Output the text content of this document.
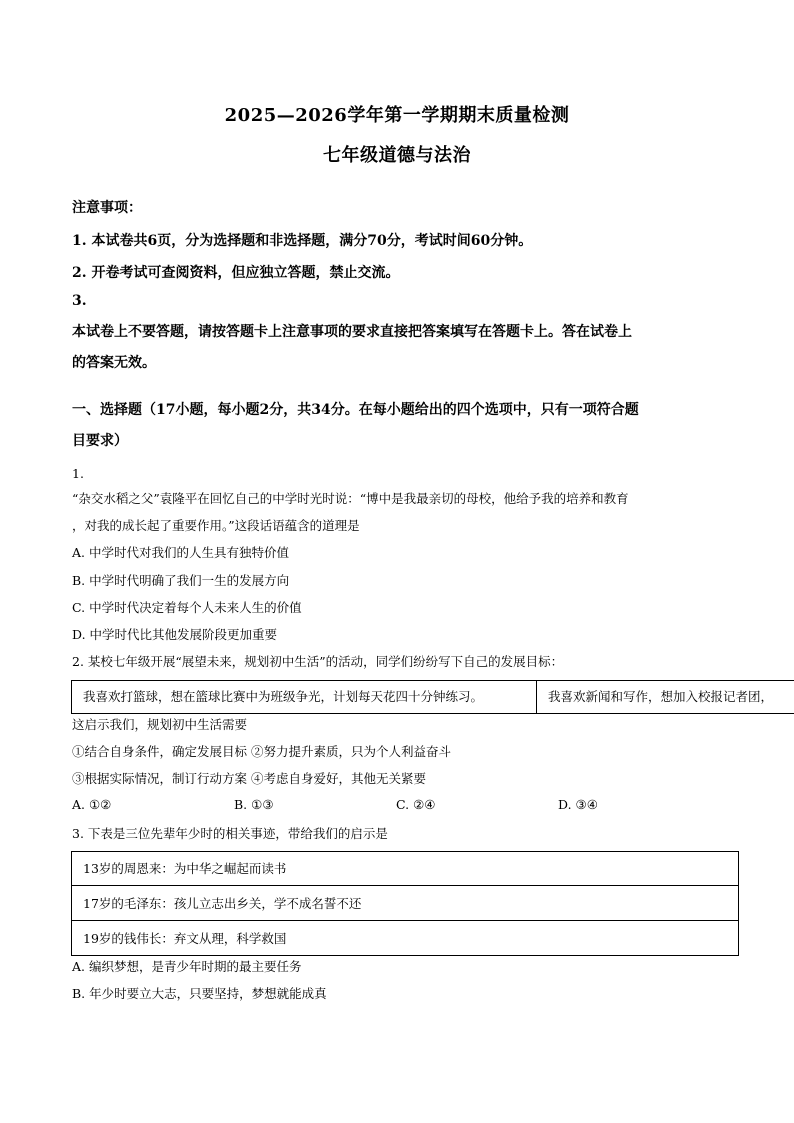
2025—2026学年第一学期期末质量检测
七年级道德与法治
注意事项：
1. 本试卷共6页，分为选择题和非选择题，满分70分，考试时间60分钟。
2. 开卷考试可查阅资料，但应独立答题，禁止交流。
3.
本试卷上不要答题，请按答题卡上注意事项的要求直接把答案填写在答题卡上。答在试卷上
的答案无效。
一、选择题（17小题，每小题2分，共34分。在每小题给出的四个选项中，只有一项符合题
目要求）
1.
“杂交水稻之父”袁隆平在回忆自己的中学时光时说：“博中是我最亲切的母校，他给予我的培养和教育
，对我的成长起了重要作用。”这段话语蕴含的道理是
A. 中学时代对我们的人生具有独特价值
B. 中学时代明确了我们一生的发展方向
C. 中学时代决定着每个人未来人生的价值
D. 中学时代比其他发展阶段更加重要
2. 某校七年级开展“展望未来，规划初中生活”的活动，同学们纷纷写下自己的发展目标：
我喜欢打篮球，想在篮球比赛中为班级争光，计划每天花四十分钟练习。	我喜欢新闻和写作，想加入校报记者团，
这启示我们，规划初中生活需要
①结合自身条件，确定发展目标 ②努力提升素质，只为个人利益奋斗
③根据实际情况，制订行动方案 ④考虑自身爱好，其他无关紧要
A. ①②	B. ①③	C. ②④	D. ③④
3. 下表是三位先辈年少时的相关事迹，带给我们的启示是
13岁的周恩来：为中华之崛起而读书
17岁的毛泽东：孩儿立志出乡关，学不成名誓不还
19岁的钱伟长：弃文从理，科学救国
A. 编织梦想，是青少年时期的最主要任务
B. 年少时要立大志，只要坚持，梦想就能成真
